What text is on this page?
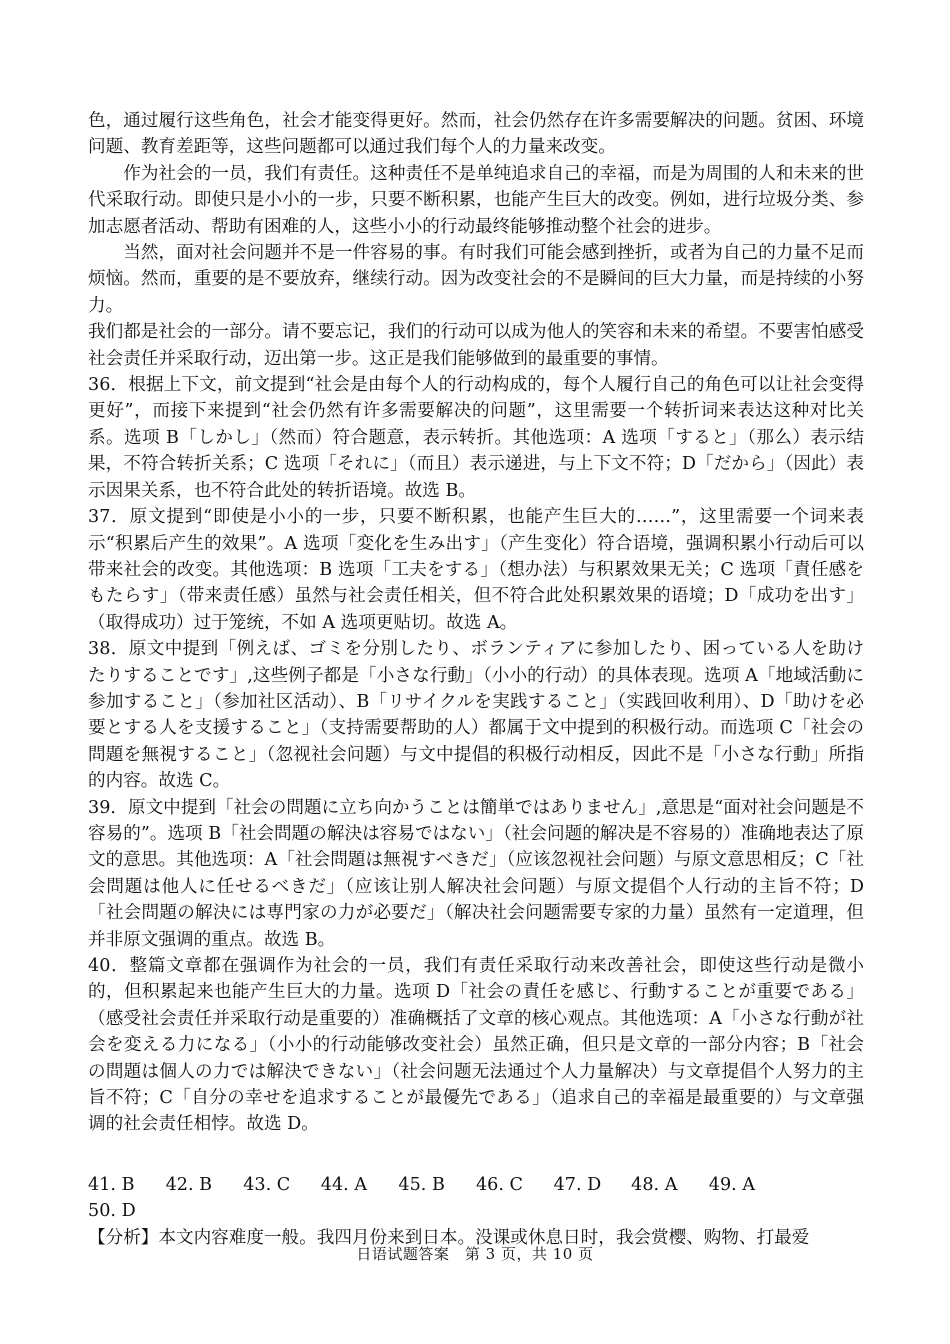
色，通过履行这些角色，社会才能变得更好。然而，社会仍然存在许多需要解决的问题。贫困、环境问题、教育差距等，这些问题都可以通过我们每个人的力量来改变。

作为社会的一员，我们有责任。这种责任不是单纯追求自己的幸福，而是为周围的人和未来的世代采取行动。即使只是小小的一步，只要不断积累，也能产生巨大的改变。例如，进行垃圾分类、参加志愿者活动、帮助有困难的人，这些小小的行动最终能够推动整个社会的进步。

当然，面对社会问题并不是一件容易的事。有时我们可能会感到挫折，或者为自己的力量不足而烦恼。然而，重要的是不要放弃，继续行动。因为改变社会的不是瞬间的巨大力量，而是持续的小努力。

我们都是社会的一部分。请不要忘记，我们的行动可以成为他人的笑容和未来的希望。不要害怕感受社会责任并采取行动，迈出第一步。这正是我们能够做到的最重要的事情。

36．根据上下文，前文提到“社会是由每个人的行动构成的，每个人履行自己的角色可以让社会变得更好”，而接下来提到“社会仍然有许多需要解决的问题”，这里需要一个转折词来表达这种对比关系。选项 B「しかし」（然而）符合题意，表示转折。其他选项：A 选项「すると」（那么）表示结果，不符合转折关系；C 选项「それに」（而且）表示递进，与上下文不符；D「だから」（因此）表示因果关系，也不符合此处的转折语境。故选 B。

37．原文提到“即使是小小的一步，只要不断积累，也能产生巨大的……”，这里需要一个词来表示“积累后产生的效果”。A 选项「変化を生み出す」（产生变化）符合语境，强调积累小行动后可以带来社会的改变。其他选项：B 选项「工夫をする」（想办法）与积累效果无关；C 选项「責任感をもたらす」（带来责任感）虽然与社会责任相关，但不符合此处积累效果的语境；D「成功を出す」（取得成功）过于笼统，不如 A 选项更贴切。故选 A。

38．原文中提到「例えば、ゴミを分別したり、ボランティアに参加したり、困っている人を助けたりすることです」,这些例子都是「小さな行動」（小小的行动）的具体表现。选项 A「地域活動に参加すること」（参加社区活动）、B「リサイクルを実践すること」（实践回收利用）、D「助けを必要とする人を支援すること」（支持需要帮助的人）都属于文中提到的积极行动。而选项 C「社会の問題を無視すること」（忽视社会问题）与文中提倡的积极行动相反，因此不是「小さな行動」所指的内容。故选 C。

39．原文中提到「社会の問題に立ち向かうことは簡単ではありません」,意思是“面对社会问题是不容易的”。选项 B「社会問題の解決は容易ではない」（社会问题的解决是不容易的）准确地表达了原文的意思。其他选项：A「社会問題は無視すべきだ」（应该忽视社会问题）与原文意思相反；C「社会問題は他人に任せるべきだ」（应该让别人解决社会问题）与原文提倡个人行动的主旨不符；D「社会問題の解決には専門家の力が必要だ」（解决社会问题需要专家的力量）虽然有一定道理，但并非原文强调的重点。故选 B。

40．整篇文章都在强调作为社会的一员，我们有责任采取行动来改善社会，即使这些行动是微小的，但积累起来也能产生巨大的力量。选项 D「社会の責任を感じ、行動することが重要である」（感受社会责任并采取行动是重要的）准确概括了文章的核心观点。其他选项：A「小さな行動が社会を変える力になる」（小小的行动能够改变社会）虽然正确，但只是文章的一部分内容；B「社会の問題は個人の力では解決できない」（社会问题无法通过个人力量解决）与文章提倡个人努力的主旨不符；C「自分の幸せを追求することが最優先である」（追求自己的幸福是最重要的）与文章强调的社会责任相悖。故选 D。

41. B	42. B	43. C	44. A	45. B	46. C	47. D	48. A	49. A
50. D

【分析】本文内容难度一般。我四月份来到日本。没课或休息日时，我会赏樱、购物、打最爱

日语试题答案　第 3 页，共 10 页
